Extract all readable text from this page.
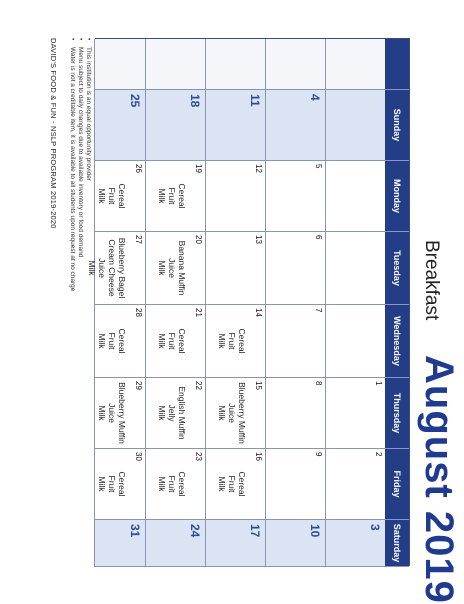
August 2019
Breakfast
Sunday
Monday
Tuesday
Wednesday
Thursday
Friday
Saturday
1
2
3
4
5
6
7
8
9
10
11
12
13
14
Cereal
Fruit
Milk
15
Blueberry Muffin
Juice
Milk
16
Cereal
Fruit
Milk
17
18
19
Cereal
Fruit
Milk
20
Banana Muffin
Juice
Milk
21
Cereal
Fruit
Milk
22
English Muffin
Jelly
Milk
23
Cereal
Fruit
Milk
24
25
26
Cereal
Fruit
Milk
27
Blueberry Bagel
Cream Cheese
Juice
Milk
28
Cereal
Fruit
Milk
29
Blueberry Muffin
Juice
Milk
30
Cereal
Fruit
Milk
31
•
This institution is an equal opportunity provider
•
Menu subject to daily changes due to available inventory or food demand
•
Water is not a creditable item, it is available to all students upon request at no charge
DAVID'S FOOD & FUN - NSLP PROGRAM 2019-2020
